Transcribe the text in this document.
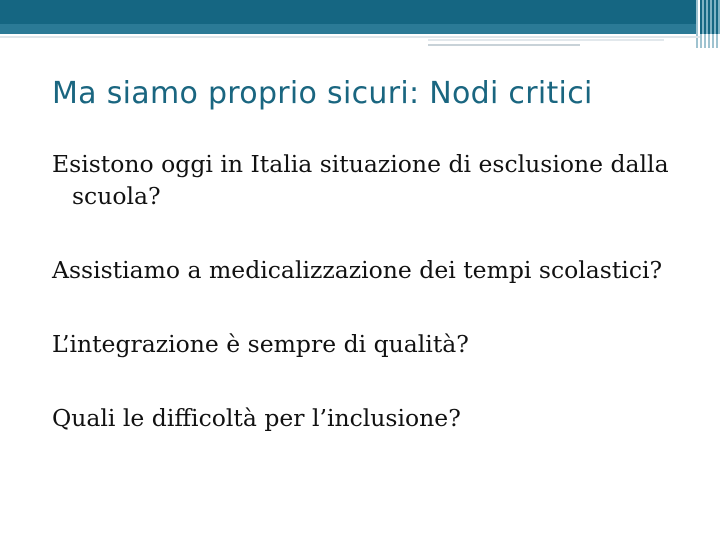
Ma siamo proprio sicuri: Nodi critici
Esistono oggi in Italia situazione di esclusione dalla scuola?
Assistiamo a medicalizzazione dei tempi scolastici?
L’integrazione è sempre di qualità?
Quali le difficoltà per l’inclusione?
